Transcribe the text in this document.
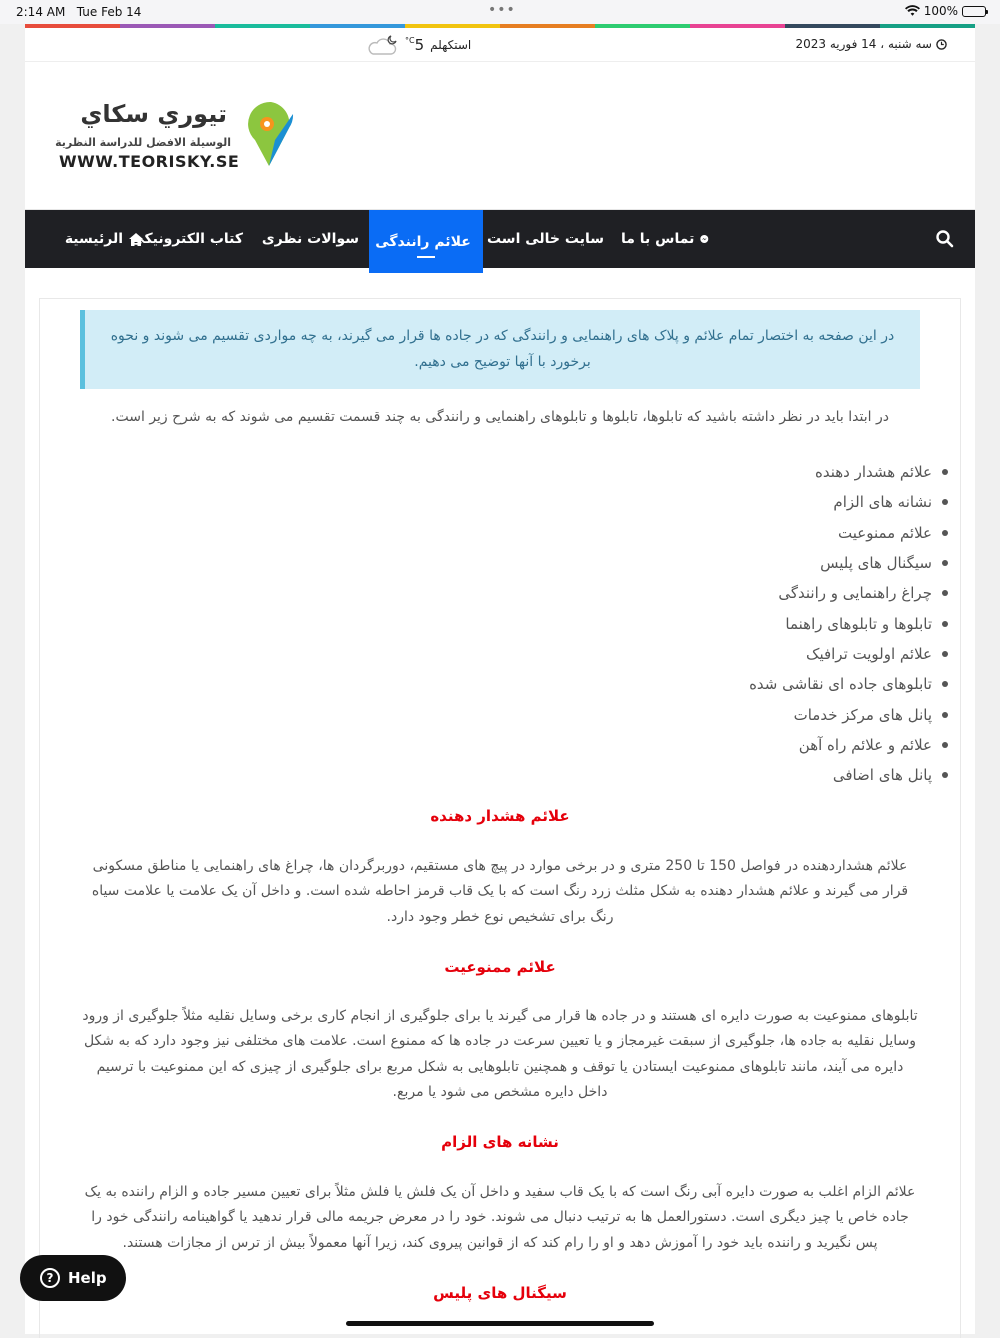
2:14 AM Tue Feb 14	•••	100%
سه شنبه ، 14 فوريه 2023
$^{^\circ C}$5 استکهلم
تيوري سكاي
الوسيلة الافضل للدراسة النظرية
WWW.TEORISKY.SE
الرئيسية کتاب الکترونیکی سوالات نظری علائم رانندگی سایت خالی است تماس با ما
در این صفحه به اختصار تمام علائم و پلاک های راهنمایی و رانندگی که در جاده ها قرار می گیرند، به چه مواردی تقسیم می شوند و نحوه برخورد با آنها توضیح می دهیم.
در ابتدا باید در نظر داشته باشید که تابلوها، تابلوها و تابلوهای راهنمایی و رانندگی به چند قسمت تقسیم می شوند که به شرح زیر است.
علائم هشدار دهنده
نشانه های الزام
علائم ممنوعیت
سیگنال های پلیس
چراغ راهنمایی و رانندگی
تابلوها و تابلوهای راهنما
علائم اولویت ترافیک
تابلوهای جاده ای نقاشی شده
پانل های مرکز خدمات
علائم و علائم راه آهن
پانل های اضافی
علائم هشدار دهنده
علائم هشداردهنده در فواصل 150 تا 250 متری و در برخی موارد در پیچ های مستقیم، دوربرگردان ها، چراغ های راهنمایی یا مناطق مسکونی قرار می گیرند و علائم هشدار دهنده به شکل مثلث زرد رنگ است که با یک قاب قرمز احاطه شده است. و داخل آن یک علامت یا علامت سیاه رنگ برای تشخیص نوع خطر وجود دارد.
علائم ممنوعیت
تابلوهای ممنوعیت به صورت دایره ای هستند و در جاده ها قرار می گیرند یا برای جلوگیری از انجام کاری برخی وسایل نقلیه مثلاً جلوگیری از ورود وسایل نقلیه به جاده ها، جلوگیری از سبقت غیرمجاز و یا تعیین سرعت در جاده ها که ممنوع است. علامت های مختلفی نیز وجود دارد که به شکل دایره می آیند، مانند تابلوهای ممنوعیت ایستادن یا توقف و همچنین تابلوهایی به شکل مربع برای جلوگیری از چیزی که این ممنوعیت با ترسیم داخل دایره مشخص می شود یا مربع.
نشانه های الزام
علائم الزام اغلب به صورت دایره آبی رنگ است که با یک قاب سفید و داخل آن یک فلش یا فلش مثلاً برای تعیین مسیر جاده و الزام راننده به یک جاده خاص یا چیز دیگری است. دستورالعمل ها به ترتیب دنبال می شوند. خود را در معرض جریمه مالی قرار ندهید یا گواهینامه رانندگی خود را پس نگیرید و راننده باید خود را آموزش دهد و او را رام کند که از قوانین پیروی کند، زیرا آنها معمولاً بیش از ترس از مجازات هستند.
سیگنال های پلیس
? Help
